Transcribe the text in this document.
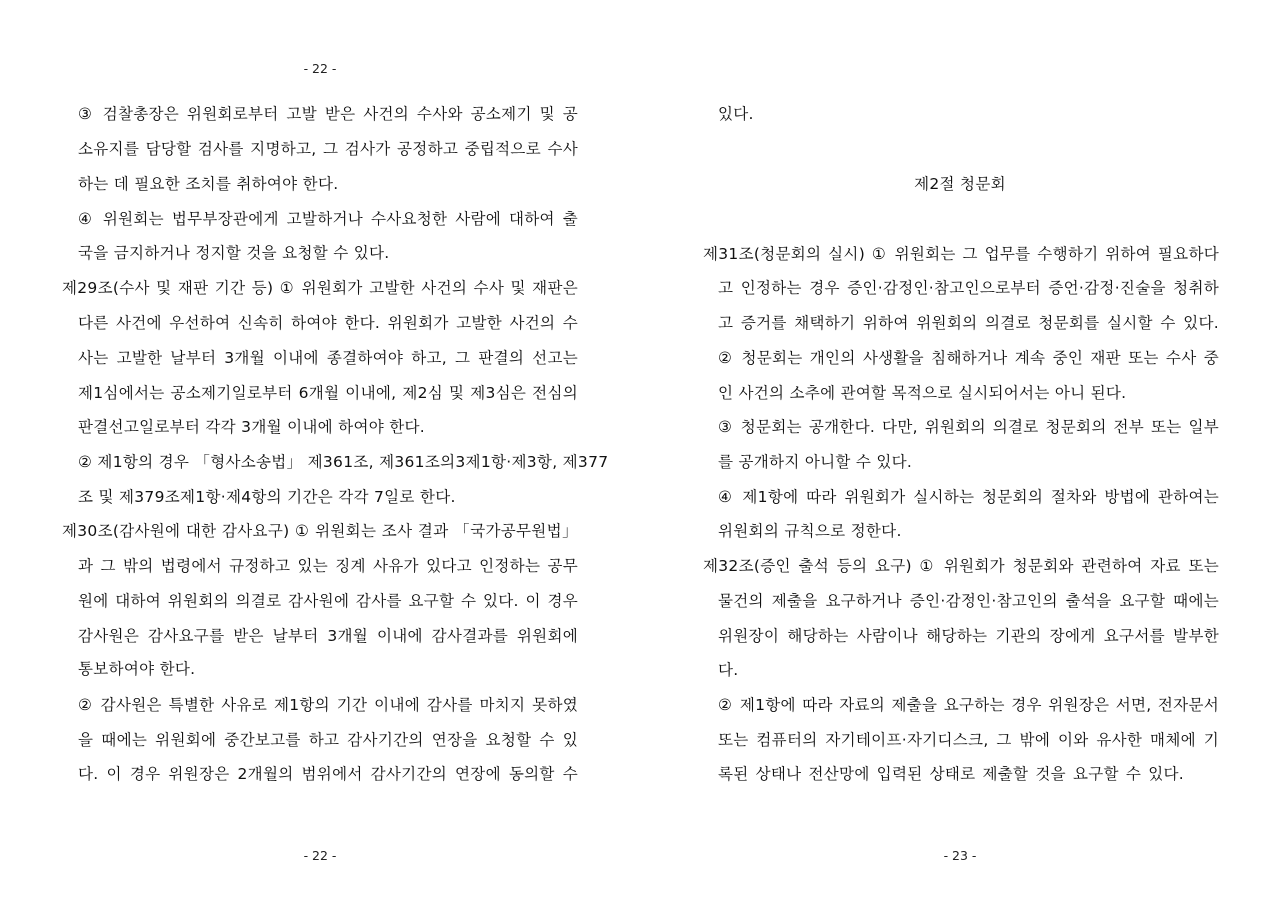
- 22 -
③ 검찰총장은 위원회로부터 고발 받은 사건의 수사와 공소제기 및 공
소유지를 담당할 검사를 지명하고, 그 검사가 공정하고 중립적으로 수사
하는 데 필요한 조치를 취하여야 한다.
④ 위원회는 법무부장관에게 고발하거나 수사요청한 사람에 대하여 출
국을 금지하거나 정지할 것을 요청할 수 있다.
제29조(수사 및 재판 기간 등) ① 위원회가 고발한 사건의 수사 및 재판은
다른 사건에 우선하여 신속히 하여야 한다. 위원회가 고발한 사건의 수
사는 고발한 날부터 3개월 이내에 종결하여야 하고, 그 판결의 선고는
제1심에서는 공소제기일로부터 6개월 이내에, 제2심 및 제3심은 전심의
판결선고일로부터 각각 3개월 이내에 하여야 한다.
② 제1항의 경우 「형사소송법」 제361조, 제361조의3제1항·제3항, 제377
조 및 제379조제1항·제4항의 기간은 각각 7일로 한다.
제30조(감사원에 대한 감사요구) ① 위원회는 조사 결과 「국가공무원법」
과 그 밖의 법령에서 규정하고 있는 징계 사유가 있다고 인정하는 공무
원에 대하여 위원회의 의결로 감사원에 감사를 요구할 수 있다. 이 경우
감사원은 감사요구를 받은 날부터 3개월 이내에 감사결과를 위원회에
통보하여야 한다.
② 감사원은 특별한 사유로 제1항의 기간 이내에 감사를 마치지 못하였
을 때에는 위원회에 중간보고를 하고 감사기간의 연장을 요청할 수 있
다. 이 경우 위원장은 2개월의 범위에서 감사기간의 연장에 동의할 수
- 22 -
있다.
제2절 청문회
제31조(청문회의 실시) ① 위원회는 그 업무를 수행하기 위하여 필요하다
고 인정하는 경우 증인·감정인·참고인으로부터 증언·감정·진술을 청취하
고 증거를 채택하기 위하여 위원회의 의결로 청문회를 실시할 수 있다.
② 청문회는 개인의 사생활을 침해하거나 계속 중인 재판 또는 수사 중
인 사건의 소추에 관여할 목적으로 실시되어서는 아니 된다.
③ 청문회는 공개한다. 다만, 위원회의 의결로 청문회의 전부 또는 일부
를 공개하지 아니할 수 있다.
④ 제1항에 따라 위원회가 실시하는 청문회의 절차와 방법에 관하여는
위원회의 규칙으로 정한다.
제32조(증인 출석 등의 요구) ① 위원회가 청문회와 관련하여 자료 또는
물건의 제출을 요구하거나 증인·감정인·참고인의 출석을 요구할 때에는
위원장이 해당하는 사람이나 해당하는 기관의 장에게 요구서를 발부한
다.
② 제1항에 따라 자료의 제출을 요구하는 경우 위원장은 서면, 전자문서
또는 컴퓨터의 자기테이프·자기디스크, 그 밖에 이와 유사한 매체에 기
록된 상태나 전산망에 입력된 상태로 제출할 것을 요구할 수 있다.
- 23 -
